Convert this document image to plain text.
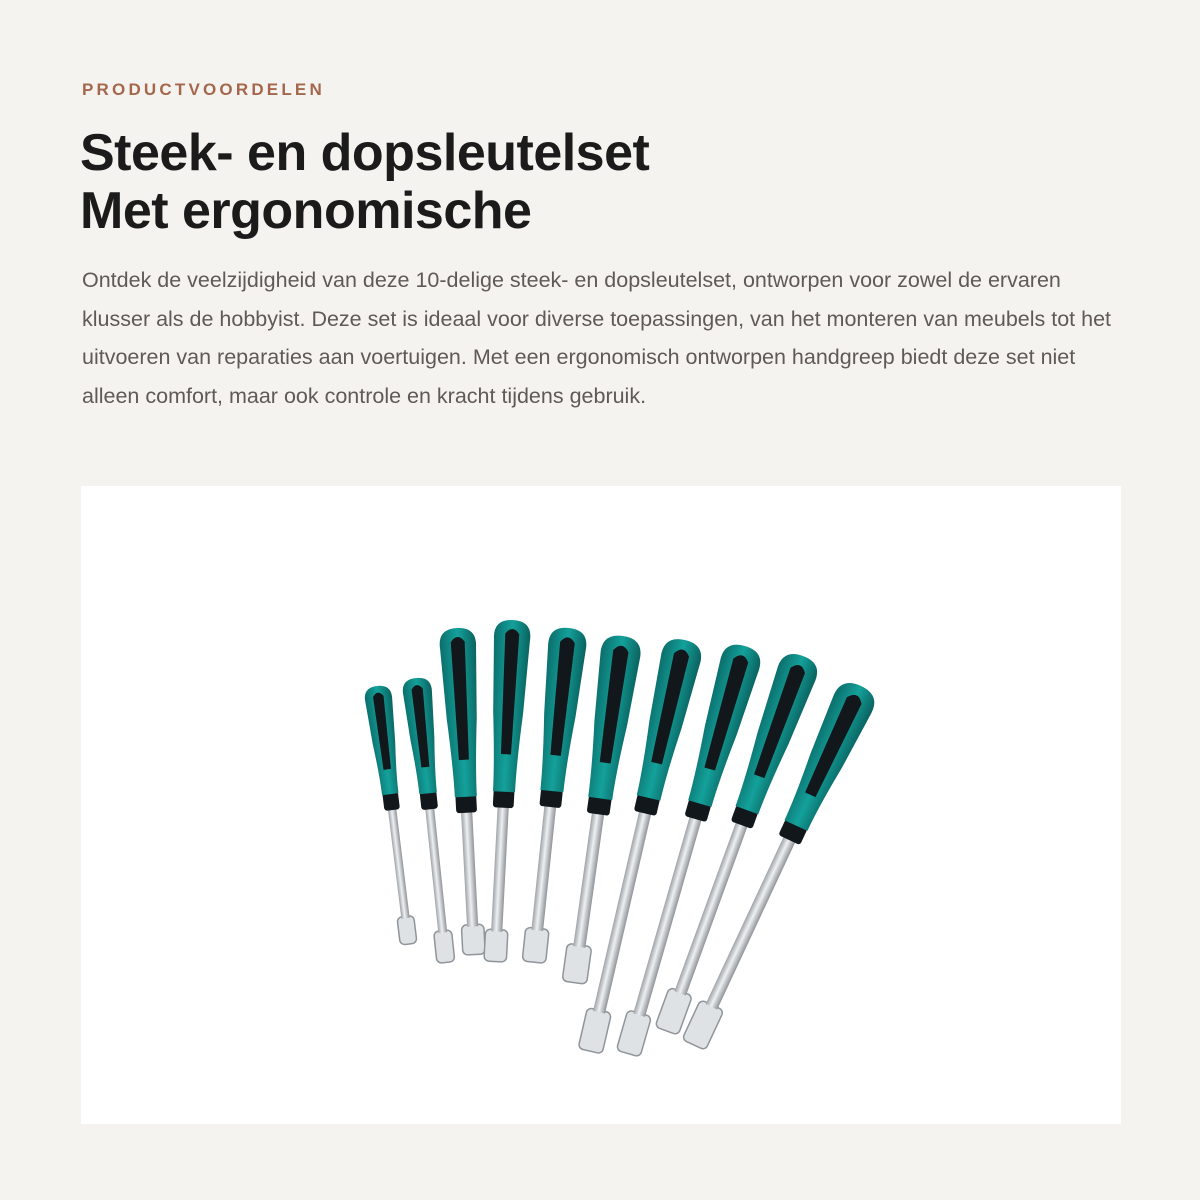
PRODUCTVOORDELEN
Steek- en dopsleutelset
Met ergonomische

Ontdek de veelzijdigheid van deze 10-delige steek- en dopsleutelset, ontworpen voor zowel de ervaren klusser als de hobbyist. Deze set is ideaal voor diverse toepassingen, van het monteren van meubels tot het uitvoeren van reparaties aan voertuigen. Met een ergonomisch ontworpen handgreep biedt deze set niet alleen comfort, maar ook controle en kracht tijdens gebruik.
